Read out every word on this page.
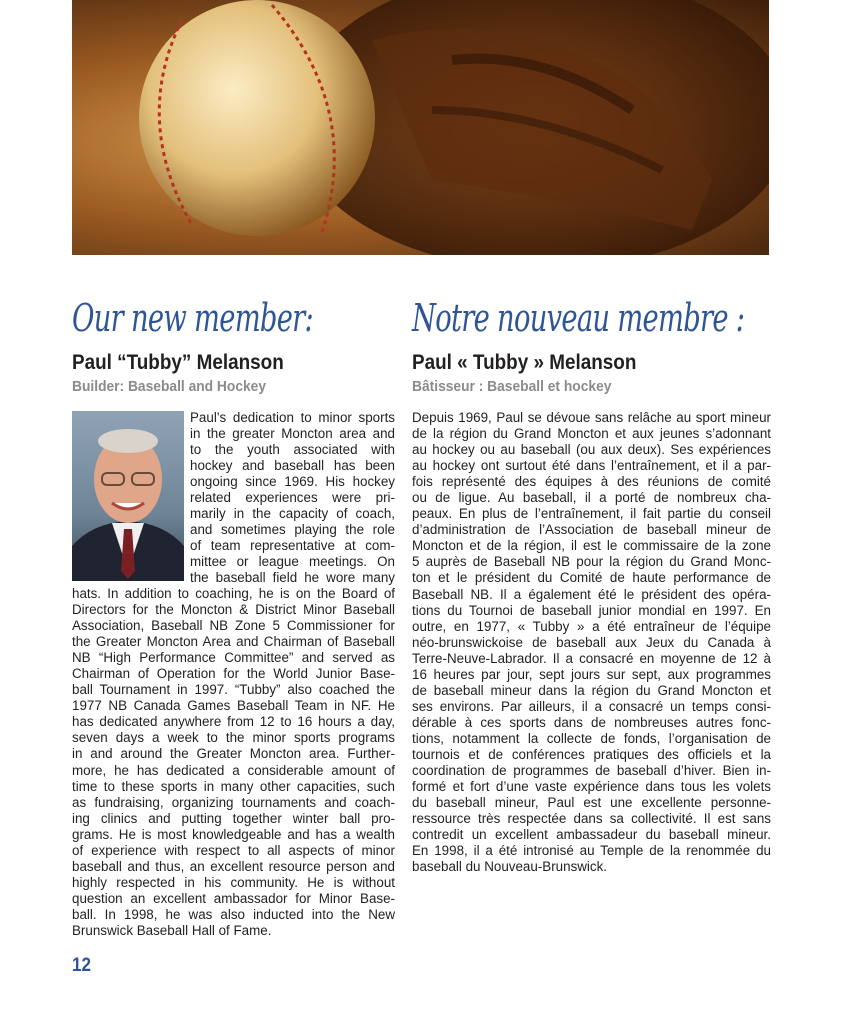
Our new member:
Paul “Tubby” Melanson
Builder: Baseball and Hockey
Paul’s dedication to minor sports
in the greater Moncton area and
to the youth associated with
hockey and baseball has been
ongoing since 1969. His hockey
related experiences were pri-
marily in the capacity of coach,
and sometimes playing the role
of team representative at com-
mittee or league meetings. On
the baseball field he wore many
hats. In addition to coaching, he is on the Board of
Directors for the Moncton & District Minor Baseball
Association, Baseball NB Zone 5 Commissioner for
the Greater Moncton Area and Chairman of Baseball
NB “High Performance Committee” and served as
Chairman of Operation for the World Junior Base-
ball Tournament in 1997. “Tubby” also coached the
1977 NB Canada Games Baseball Team in NF. He
has dedicated anywhere from 12 to 16 hours a day,
seven days a week to the minor sports programs
in and around the Greater Moncton area. Further-
more, he has dedicated a considerable amount of
time to these sports in many other capacities, such
as fundraising, organizing tournaments and coach-
ing clinics and putting together winter ball pro-
grams. He is most knowledgeable and has a wealth
of experience with respect to all aspects of minor
baseball and thus, an excellent resource person and
highly respected in his community. He is without
question an excellent ambassador for Minor Base-
ball. In 1998, he was also inducted into the New
Brunswick Baseball Hall of Fame.
Notre nouveau membre :
Paul « Tubby » Melanson
Bâtisseur : Baseball et hockey
Depuis 1969, Paul se dévoue sans relâche au sport mineur
de la région du Grand Moncton et aux jeunes s’adonnant
au hockey ou au baseball (ou aux deux). Ses expériences
au hockey ont surtout été dans l’entraînement, et il a par-
fois représenté des équipes à des réunions de comité
ou de ligue. Au baseball, il a porté de nombreux cha-
peaux. En plus de l’entraînement, il fait partie du conseil
d’administration de l’Association de baseball mineur de
Moncton et de la région, il est le commissaire de la zone
5 auprès de Baseball NB pour la région du Grand Monc-
ton et le président du Comité de haute performance de
Baseball NB. Il a également été le président des opéra-
tions du Tournoi de baseball junior mondial en 1997. En
outre, en 1977, « Tubby » a été entraîneur de l’équipe
néo-brunswickoise de baseball aux Jeux du Canada à
Terre-Neuve-Labrador. Il a consacré en moyenne de 12 à
16 heures par jour, sept jours sur sept, aux programmes
de baseball mineur dans la région du Grand Moncton et
ses environs. Par ailleurs, il a consacré un temps consi-
dérable à ces sports dans de nombreuses autres fonc-
tions, notamment la collecte de fonds, l’organisation de
tournois et de conférences pratiques des officiels et la
coordination de programmes de baseball d’hiver. Bien in-
formé et fort d’une vaste expérience dans tous les volets
du baseball mineur, Paul est une excellente personne-
ressource très respectée dans sa collectivité. Il est sans
contredit un excellent ambassadeur du baseball mineur.
En 1998, il a été intronisé au Temple de la renommée du
baseball du Nouveau-Brunswick.
12
